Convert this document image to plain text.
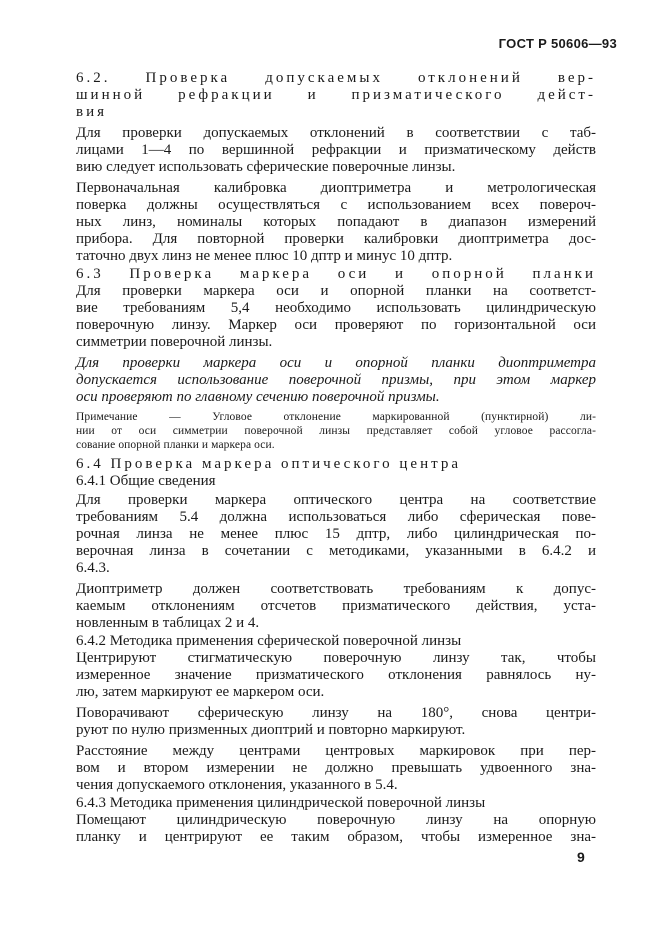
ГОСТ Р 50606—93
6.2. Проверка допускаемых отклонений вер-
шинной рефракции и призматического дейст-
вия
Для проверки допускаемых отклонений в соответствии с таб-
лицами 1—4 по вершинной рефракции и призматическому действ
вию следует использовать сферические поверочные линзы.
Первоначальная калибровка диоптриметра и метрологическая
поверка должны осуществляться с использованием всех повероч-
ных линз, номиналы которых попадают в диапазон измерений
прибора. Для повторной проверки калибровки диоптриметра дос-
таточно двух линз не менее плюс 10 дптр и минус 10 дптр.
6.3 Проверка маркера оси и опорной планки
Для проверки маркера оси и опорной планки на соответст-
вие требованиям 5,4 необходимо использовать цилиндрическую
поверочную линзу. Маркер оси проверяют по горизонтальной оси
симметрии поверочной линзы.
Для проверки маркера оси и опорной планки диоптриметра
допускается использование поверочной призмы, при этом маркер
оси проверяют по главному сечению поверочной призмы.
Примечание — Угловое отклонение маркированной (пунктирной) ли-
нии от оси симметрии поверочной линзы представляет собой угловое рассогла-
сование опорной планки и маркера оси.
6.4 Проверка маркера оптического центра
6.4.1 Общие сведения
Для проверки маркера оптического центра на соответствие
требованиям 5.4 должна использоваться либо сферическая пове-
рочная линза не менее плюс 15 дптр, либо цилиндрическая по-
верочная линза в сочетании с методиками, указанными в 6.4.2 и
6.4.3.
Диоптриметр должен соответствовать требованиям к допус-
каемым отклонениям отсчетов призматического действия, уста-
новленным в таблицах 2 и 4.
6.4.2 Методика применения сферической поверочной линзы
Центрируют стигматическую поверочную линзу так, чтобы
измеренное значение призматического отклонения равнялось ну-
лю, затем маркируют ее маркером оси.
Поворачивают сферическую линзу на 180°, снова центри-
руют по нулю призменных диоптрий и повторно маркируют.
Расстояние между центрами центровых маркировок при пер-
вом и втором измерении не должно превышать удвоенного зна-
чения допускаемого отклонения, указанного в 5.4.
6.4.3 Методика применения цилиндрической поверочной линзы
Помещают цилиндрическую поверочную линзу на опорную
планку и центрируют ее таким образом, чтобы измеренное зна-
9
